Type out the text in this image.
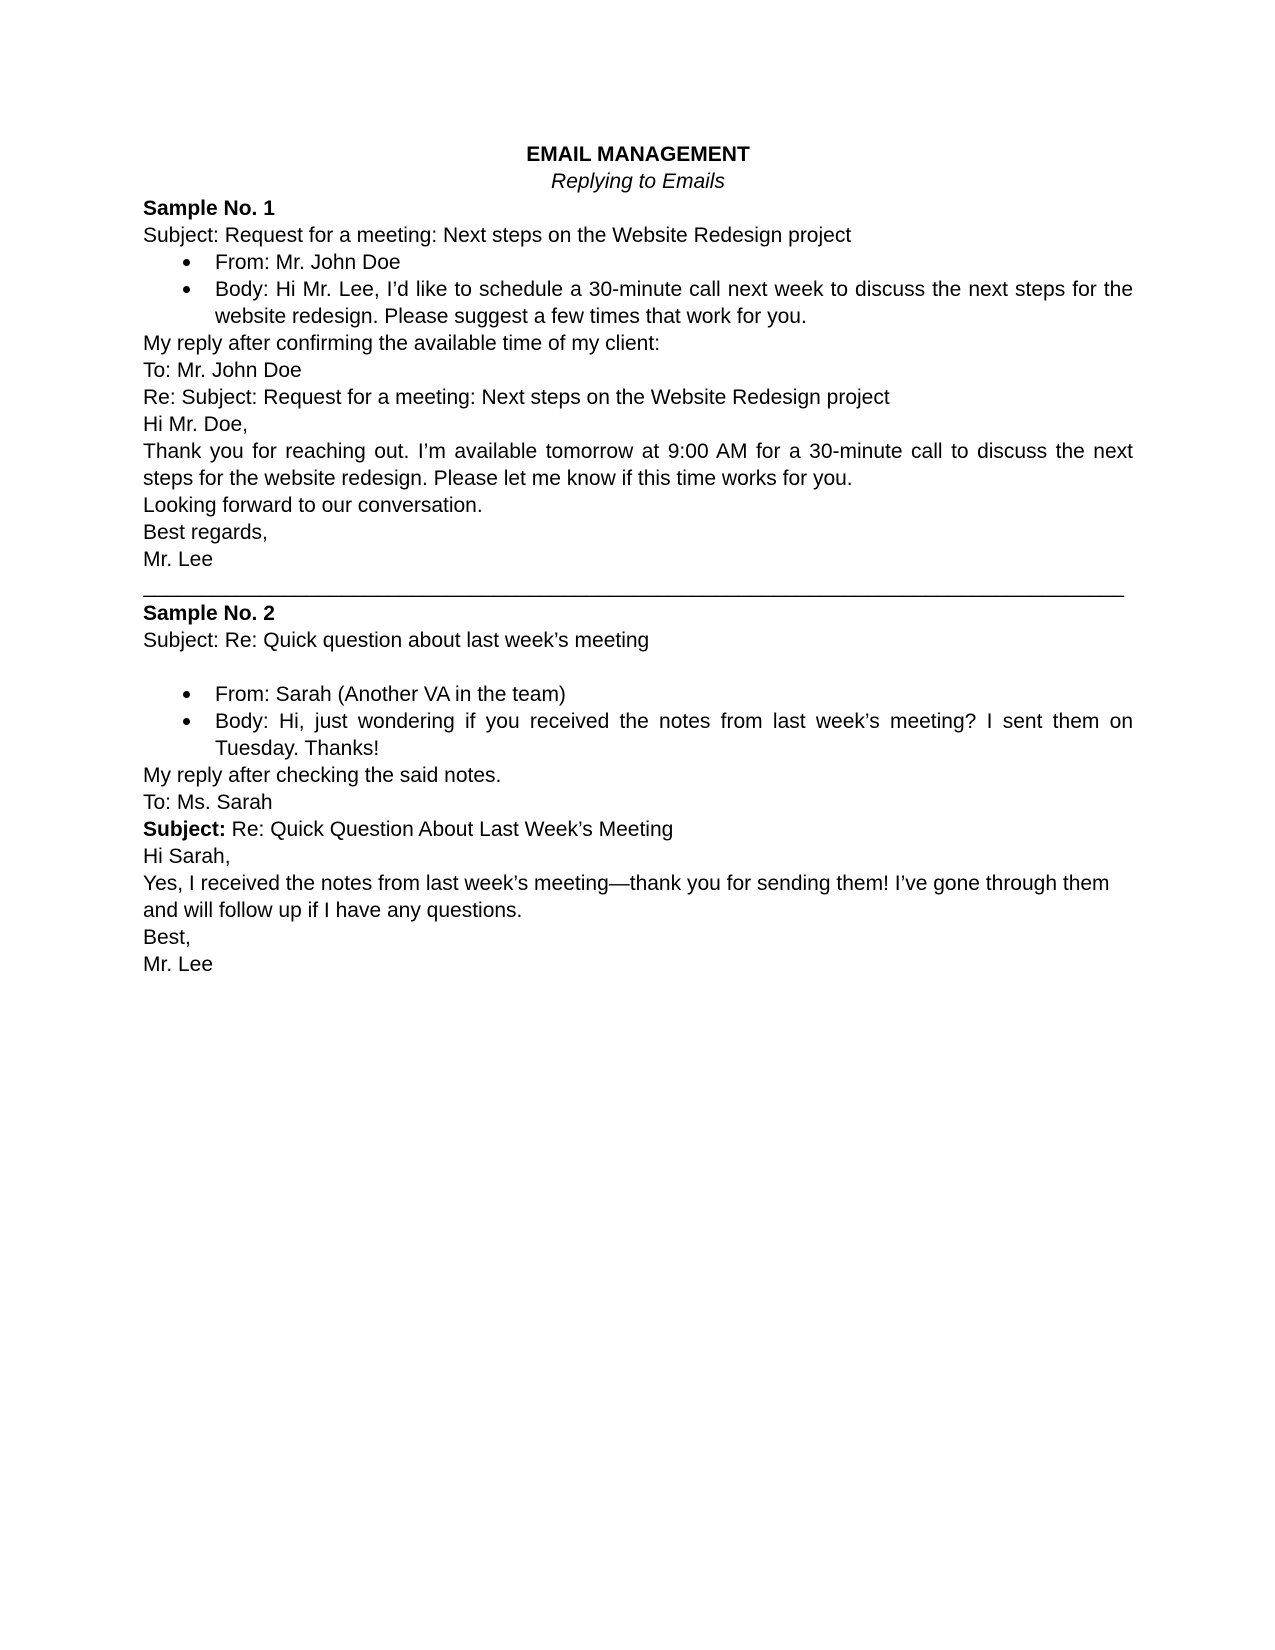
EMAIL MANAGEMENT

Replying to Emails

Sample No. 1

Subject: Request for a meeting: Next steps on the Website Redesign project

From: Mr. John Doe

Body: Hi Mr. Lee, I’d like to schedule a 30-minute call next week to discuss the next steps for the website redesign. Please suggest a few times that work for you.

My reply after confirming the available time of my client:

To: Mr. John Doe

Re: Subject: Request for a meeting: Next steps on the Website Redesign project

Hi Mr. Doe,

Thank you for reaching out. I’m available tomorrow at 9:00 AM for a 30-minute call to discuss the next steps for the website redesign. Please let me know if this time works for you.

Looking forward to our conversation.

Best regards,

Mr. Lee

____________________________________________________________________________________

Sample No. 2

Subject: Re: Quick question about last week’s meeting

From: Sarah (Another VA in the team)

Body: Hi, just wondering if you received the notes from last week’s meeting? I sent them on Tuesday. Thanks!

My reply after checking the said notes.

To: Ms. Sarah

Subject: Re: Quick Question About Last Week’s Meeting

Hi Sarah,

Yes, I received the notes from last week’s meeting—thank you for sending them! I’ve gone through them and will follow up if I have any questions.

Best,

Mr. Lee
